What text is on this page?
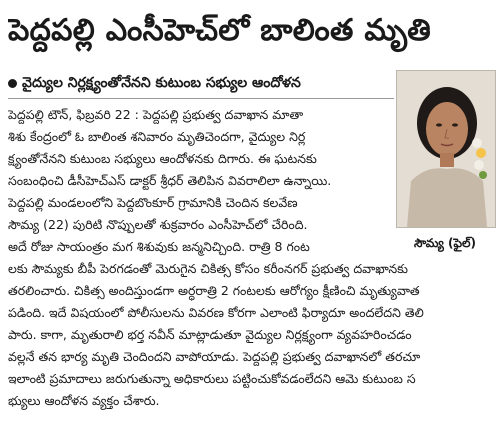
పెద్దపల్లి ఎంసీహెచ్‌లో బాలింత మృతి
వైద్యుల నిర్లక్ష్యంతోనేనని కుటుంబ సభ్యుల ఆందోళన
సౌమ్య (ఫైల్‌)
పెద్దపల్లి టౌన్‌, ఫిబ్రవరి 22 : పెద్దపల్లి ప్రభుత్వ దవాఖాన మాతా
శిశు కేంద్రంలో ఓ బాలింత శనివారం మృతిచెందగా, వైద్యుల నిర్ల
క్ష్యంతోనేనని కుటుంబ సభ్యులు ఆందోళనకు దిగారు. ఈ ఘటనకు
సంబంధించి డీసీహెచ్‌ఎస్‌ డాక్టర్‌ శ్రీధర్‌ తెలిపిన వివరాలిలా ఉన్నాయి.
పెద్దపల్లి మండలంలోని పెద్దబొంకూర్‌ గ్రామానికి చెందిన కలవేణ
సౌమ్య (22) పురిటి నొప్పులతో శుక్రవారం ఎంసీహెచ్‌లో చేరింది.
అదే రోజు సాయంత్రం మగ శిశువుకు జన్మనిచ్చింది. రాత్రి 8 గంట
లకు సౌమ్యకు బీపీ పెరగడంతో మెరుగైన చికిత్స కోసం కరీంనగర్‌ ప్రభుత్వ దవాఖానకు
తరలించారు. చికిత్స అందిస్తుండగా అర్ధరాత్రి 2 గంటలకు ఆరోగ్యం క్షీణించి మృత్యువాత
పడింది. ఇదే విషయంలో పోలీసులను వివరణ కోరగా ఎలాంటి ఫిర్యాదూ అందలేదని తెలి
పారు. కాగా, మృతురాలి భర్త నవీన్‌ మాట్లాడుతూ వైద్యుల నిర్లక్ష్యంగా వ్యవహరించడం
వల్లనే తన భార్య మృతి చెందిందని వాపోయాడు. పెద్దపల్లి ప్రభుత్వ దవాఖానలో తరచూ
ఇలాంటి ప్రమాదాలు జరుగుతున్నా అధికారులు పట్టించుకోవడంలేదని ఆమె కుటుంబ స
భ్యులు ఆందోళన వ్యక్తం చేశారు.
